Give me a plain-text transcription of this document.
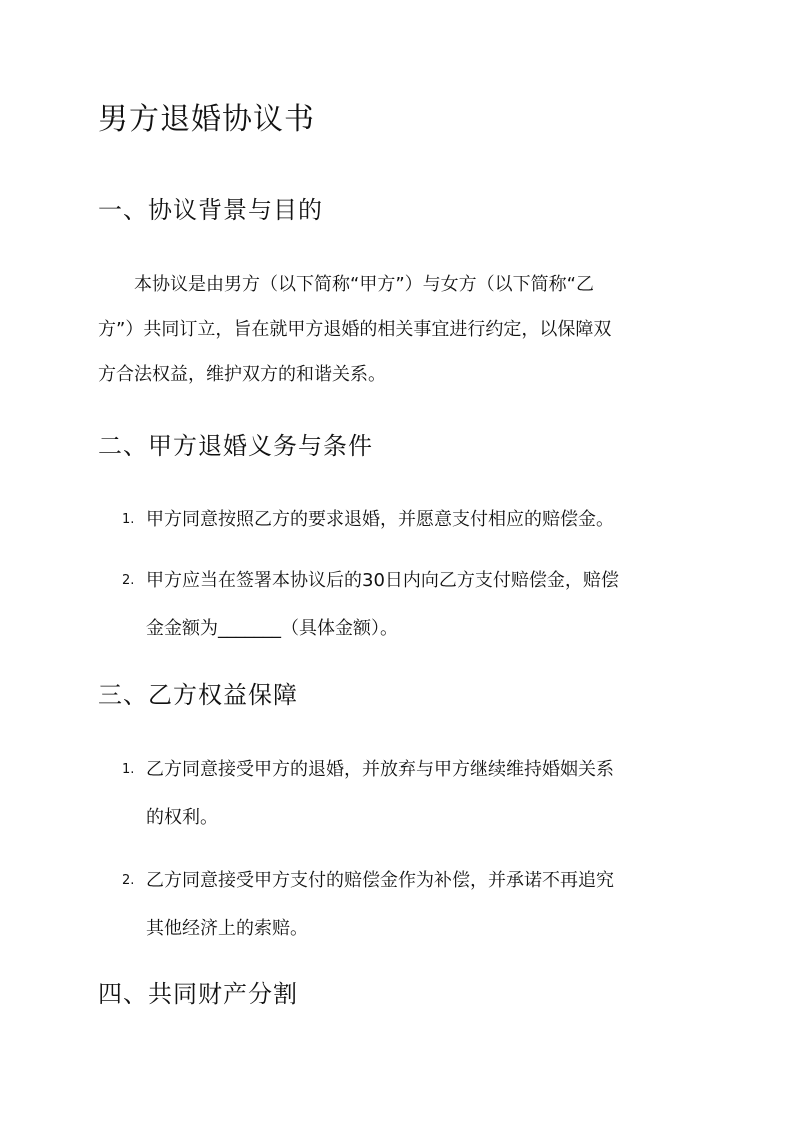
男方退婚协议书
一、协议背景与目的
　　本协议是由男方（以下简称“甲方”）与女方（以下简称“乙
方”）共同订立，旨在就甲方退婚的相关事宜进行约定，以保障双
方合法权益，维护双方的和谐关系。
二、甲方退婚义务与条件
1. 甲方同意按照乙方的要求退婚，并愿意支付相应的赔偿金。
2. 甲方应当在签署本协议后的30日内向乙方支付赔偿金，赔偿
金金额为_______（具体金额）。
三、乙方权益保障
1. 乙方同意接受甲方的退婚，并放弃与甲方继续维持婚姻关系
的权利。
2. 乙方同意接受甲方支付的赔偿金作为补偿，并承诺不再追究
其他经济上的索赔。
四、共同财产分割
